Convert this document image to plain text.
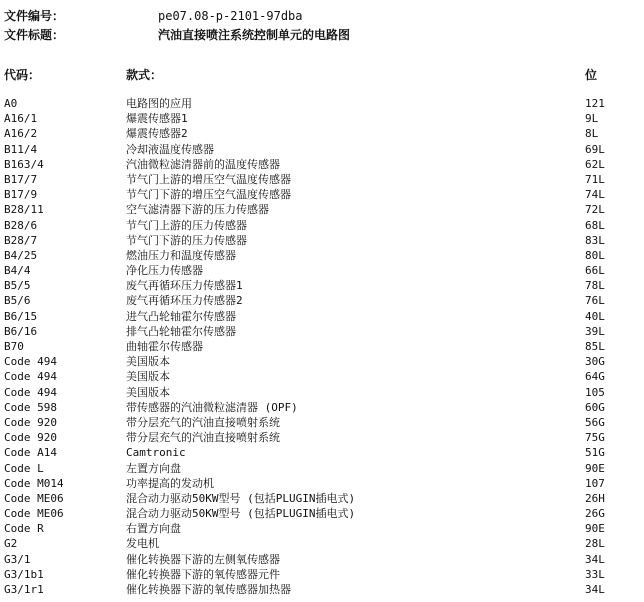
文件编号：	pe07.08-p-2101-97dba
文件标题：	汽油直接喷注系统控制单元的电路图
代码：	款式：	位
A0	电路图的应用	121
A16/1	爆震传感器1	9L
A16/2	爆震传感器2	8L
B11/4	冷却液温度传感器	69L
B163/4	汽油微粒滤清器前的温度传感器	62L
B17/7	节气门上游的增压空气温度传感器	71L
B17/9	节气门下游的增压空气温度传感器	74L
B28/11	空气滤清器下游的压力传感器	72L
B28/6	节气门上游的压力传感器	68L
B28/7	节气门下游的压力传感器	83L
B4/25	燃油压力和温度传感器	80L
B4/4	净化压力传感器	66L
B5/5	废气再循环压力传感器1	78L
B5/6	废气再循环压力传感器2	76L
B6/15	进气凸轮轴霍尔传感器	40L
B6/16	排气凸轮轴霍尔传感器	39L
B70	曲轴霍尔传感器	85L
Code 494	美国版本	30G
Code 494	美国版本	64G
Code 494	美国版本	105
Code 598	带传感器的汽油微粒滤清器 (OPF)	60G
Code 920	带分层充气的汽油直接喷射系统	56G
Code 920	带分层充气的汽油直接喷射系统	75G
Code A14	Camtronic	51G
Code L	左置方向盘	90E
Code M014	功率提高的发动机	107
Code ME06	混合动力驱动50KW型号 (包括PLUGIN插电式)	26H
Code ME06	混合动力驱动50KW型号 (包括PLUGIN插电式)	26G
Code R	右置方向盘	90E
G2	发电机	28L
G3/1	催化转换器下游的左侧氧传感器	34L
G3/1b1	催化转换器下游的氧传感器元件	33L
G3/1r1	催化转换器下游的氧传感器加热器	34L
